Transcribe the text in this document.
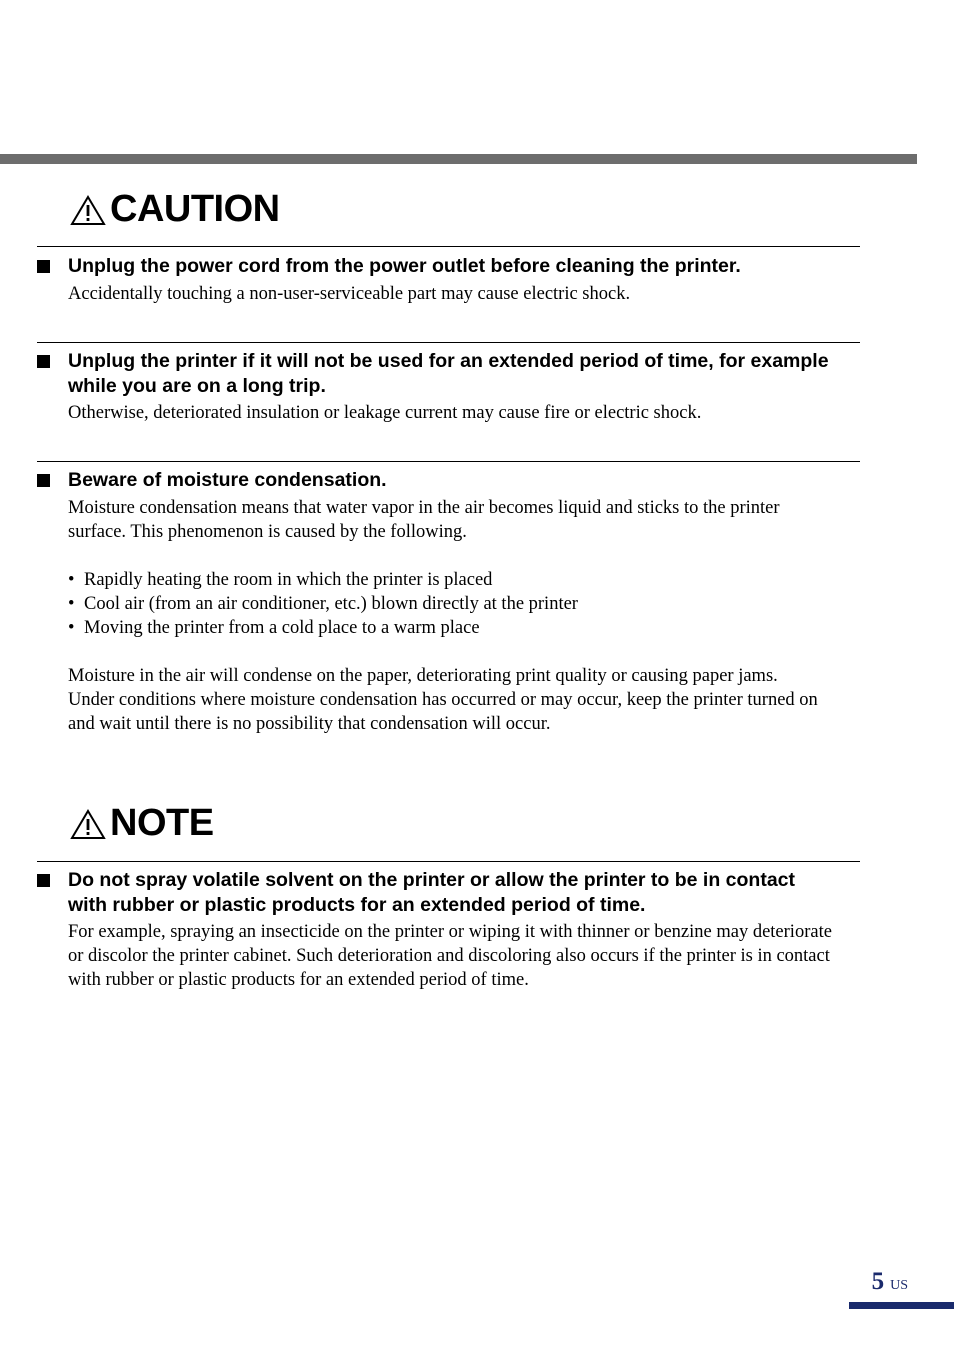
CAUTION
Unplug the power cord from the power outlet before cleaning the printer.
Accidentally touching a non-user-serviceable part may cause electric shock.
Unplug the printer if it will not be used for an extended period of time, for example while you are on a long trip.
Otherwise, deteriorated insulation or leakage current may cause fire or electric shock.
Beware of moisture condensation.
Moisture condensation means that water vapor in the air becomes liquid and sticks to the printer surface. This phenomenon is caused by the following.
• Rapidly heating the room in which the printer is placed
• Cool air (from an air conditioner, etc.) blown directly at the printer
• Moving the printer from a cold place to a warm place
Moisture in the air will condense on the paper, deteriorating print quality or causing paper jams.
Under conditions where moisture condensation has occurred or may occur, keep the printer turned on and wait until there is no possibility that condensation will occur.
NOTE
Do not spray volatile solvent on the printer or allow the printer to be in contact with rubber or plastic products for an extended period of time.
For example, spraying an insecticide on the printer or wiping it with thinner or benzine may deteriorate or discolor the printer cabinet. Such deterioration and discoloring also occurs if the printer is in contact with rubber or plastic products for an extended period of time.
5 US
